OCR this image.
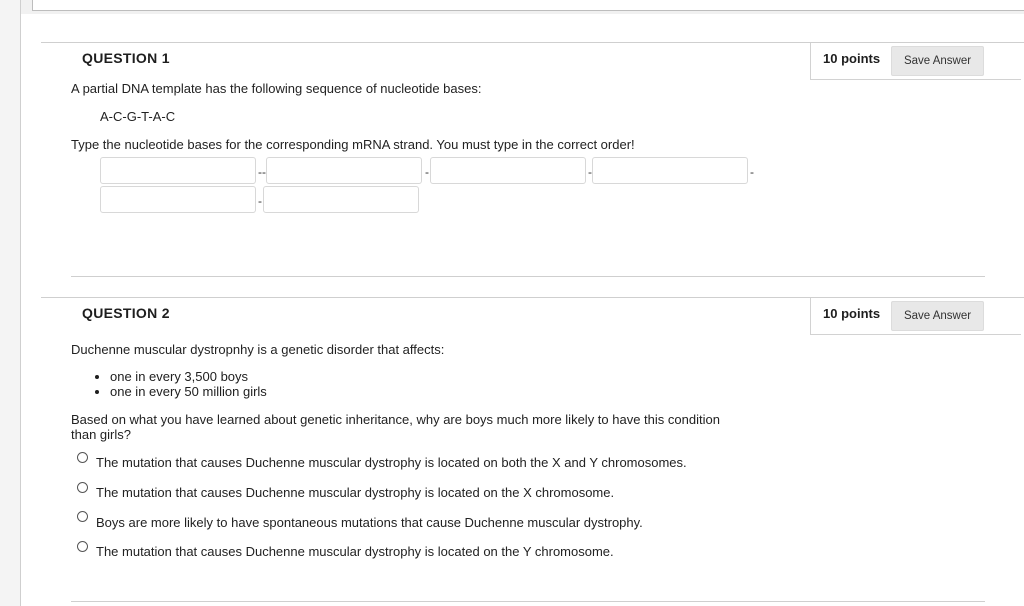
QUESTION 1	10 points	Save Answer
A partial DNA template has the following sequence of nucleotide bases:
A-C-G-T-A-C
Type the nucleotide bases for the corresponding mRNA strand. You must type in the correct order!
--	-	-	-
-
QUESTION 2	10 points	Save Answer
Duchenne muscular dystropnhy is a genetic disorder that affects:
• one in every 3,500 boys
• one in every 50 million girls
Based on what you have learned about genetic inheritance, why are boys much more likely to have this condition
than girls?
The mutation that causes Duchenne muscular dystrophy is located on both the X and Y chromosomes.
The mutation that causes Duchenne muscular dystrophy is located on the X chromosome.
Boys are more likely to have spontaneous mutations that cause Duchenne muscular dystrophy.
The mutation that causes Duchenne muscular dystrophy is located on the Y chromosome.
